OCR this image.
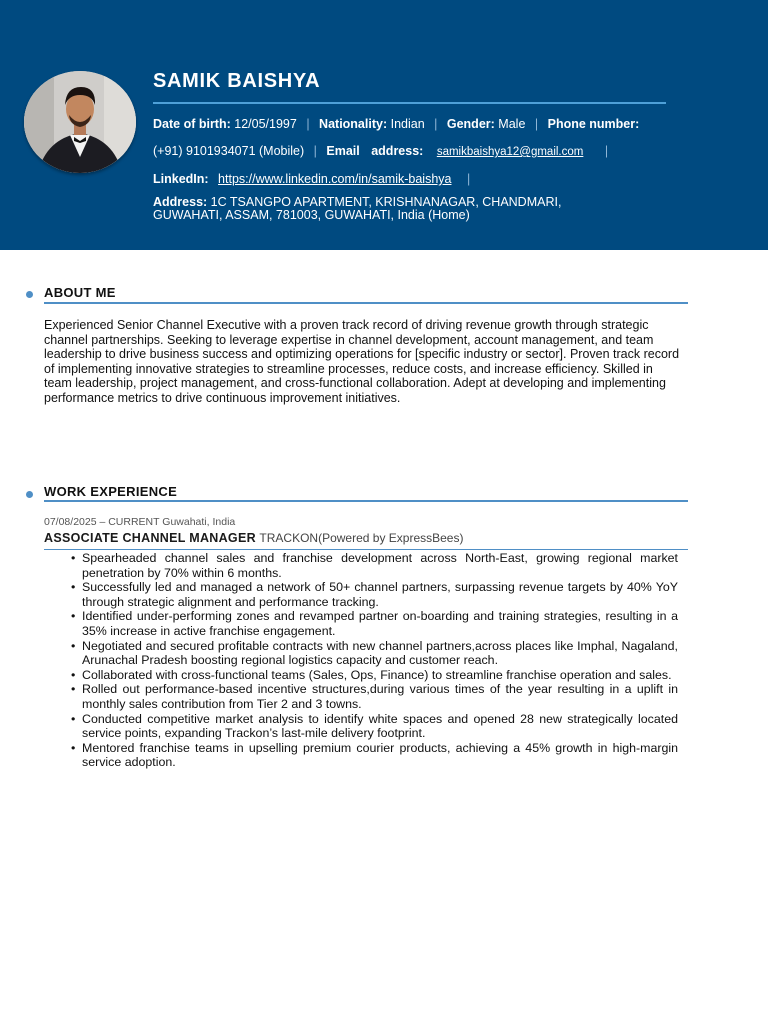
SAMIK BAISHYA
Date of birth: 12/05/1997 | Nationality: Indian | Gender: Male | Phone number:
(+91) 9101934071 (Mobile) | Email address: samikbaishya12@gmail.com |
LinkedIn: https://www.linkedin.com/in/samik-baishya |
Address: 1C TSANGPO APARTMENT, KRISHNANAGAR, CHANDMARI,
GUWAHATI, ASSAM, 781003, GUWAHATI, India (Home)
ABOUT ME
Experienced Senior Channel Executive with a proven track record of driving revenue growth through strategic channel partnerships. Seeking to leverage expertise in channel development, account management, and team leadership to drive business success and optimizing operations for [specific industry or sector]. Proven track record of implementing innovative strategies to streamline processes, reduce costs, and increase efficiency. Skilled in team leadership, project management, and cross-functional collaboration. Adept at developing and implementing performance metrics to drive continuous improvement initiatives.
WORK EXPERIENCE
07/08/2025 – CURRENT Guwahati, India
ASSOCIATE CHANNEL MANAGER TRACKON(Powered by ExpressBees)
• Spearheaded channel sales and franchise development across North-East, growing regional market penetration by 70% within 6 months.
• Successfully led and managed a network of 50+ channel partners, surpassing revenue targets by 40% YoY through strategic alignment and performance tracking.
• Identified under-performing zones and revamped partner on-boarding and training strategies, resulting in a 35% increase in active franchise engagement.
• Negotiated and secured profitable contracts with new channel partners,across places like Imphal, Nagaland, Arunachal Pradesh boosting regional logistics capacity and customer reach.
• Collaborated with cross-functional teams (Sales, Ops, Finance) to streamline franchise operation and sales.
• Rolled out performance-based incentive structures,during various times of the year resulting in a uplift in monthly sales contribution from Tier 2 and 3 towns.
• Conducted competitive market analysis to identify white spaces and opened 28 new strategically located service points, expanding Trackon’s last-mile delivery footprint.
• Mentored franchise teams in upselling premium courier products, achieving a 45% growth in high-margin service adoption.
